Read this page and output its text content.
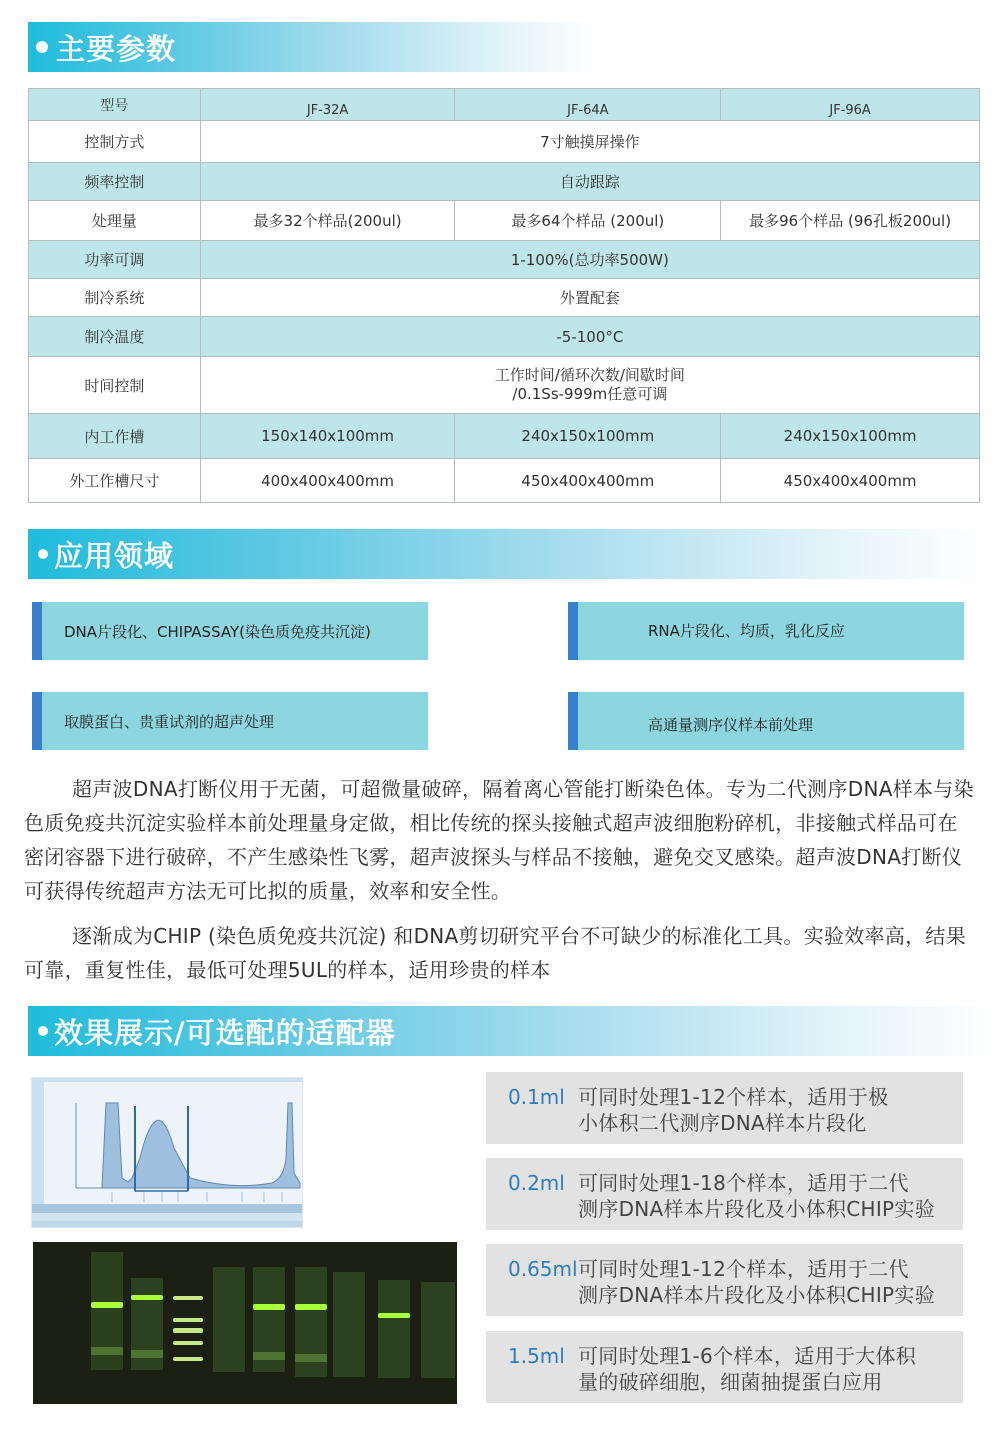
主要参数
型号	JF-32A	JF-64A	JF-96A
控制方式	7寸触摸屏操作		
频率控制	自动跟踪		
处理量	最多32个样品(200ul)	最多64个样品 (200ul)	最多96个样品 (96孔板200ul)
功率可调	1-100%(总功率500W)		
制冷系统	外置配套		
制冷温度	-5-100°C		
时间控制	工作时间/循环次数/间歇时间
/0.1Ss-999m任意可调		

内工作槽	150x140x100mm	240x150x100mm	240x150x100mm
外工作槽尺寸	400x400x400mm	450x400x400mm	450x400x400mm
应用领域
DNA片段化、CHIPASSAY(染色质免疫共沉淀)	RNA片段化、均质，乳化反应
取膜蛋白、贵重试剂的超声处理	高通量测序仪样本前处理

超声波DNA打断仪用于无菌，可超微量破碎，隔着离心管能打断染色体。专为二代测序DNA样本与染色质免疫共沉淀实验样本前处理量身定做，相比传统的探头接触式超声波细胞粉碎机，非接触式样品可在密闭容器下进行破碎，不产生感染性飞雾，超声波探头与样品不接触，避免交叉感染。超声波DNA打断仪可获得传统超声方法无可比拟的质量，效率和安全性。

逐渐成为CHIP (染色质免疫共沉淀) 和DNA剪切研究平台不可缺少的标准化工具。实验效率高，结果可靠，重复性佳，最低可处理5UL的样本，适用珍贵的样本

效果展示/可选配的适配器
0.1ml 可同时处理1-12个样本，适用于极
小体积二代测序DNA样本片段化
0.2ml 可同时处理1-18个样本，适用于二代
测序DNA样本片段化及小体积CHIP实验
0.65ml 可同时处理1-12个样本，适用于二代
测序DNA样本片段化及小体积CHIP实验
1.5ml 可同时处理1-6个样本，适用于大体积
量的破碎细胞，细菌抽提蛋白应用
